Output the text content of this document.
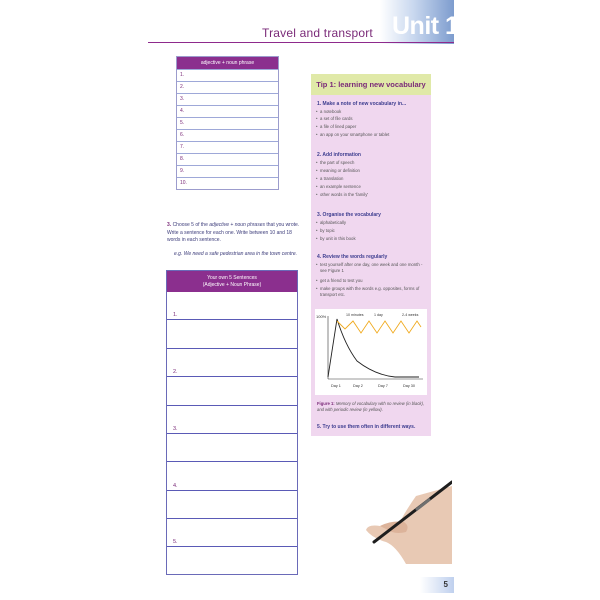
Travel and transport Unit 1
adjective + noun phrase
1.
2.
3.
4.
5.
6.
7.
8.
9.
10.
3. Choose 5 of the adjective + noun phrases that you wrote.
Write a sentence for each one. Write between 10 and 18
words in each sentence.
e.g. We need a safe pedestrian area in the town centre.
Your own 5 Sentences
(Adjective + Noun Phrase)
1.
2.
3.
4.
5.
Tip 1: learning new vocabulary
1. Make a note of new vocabulary in...
• a notebook
• a set of file cards
• a file of lined paper
• an app on your smartphone or tablet
2. Add information
• the part of speech
• meaning or definition
• a translation
• an example sentence
• other words in the 'family'
3. Organise the vocabulary
• alphabetically
• by topic
• by unit in this book
4. Review the words regularly
• test yourself after one day, one week and one month - see Figure 1
• get a friend to test you
• make groups with the words e.g. opposites, forms of transport etc.
100%	10 minutes	1 day	2-4 weeks
Day 1	Day 2	Day 7	Day 30
Figure 1: Memory of vocabulary with no review (in black), and with periodic review (in yellow).
5. Try to use them often in different ways.
5
